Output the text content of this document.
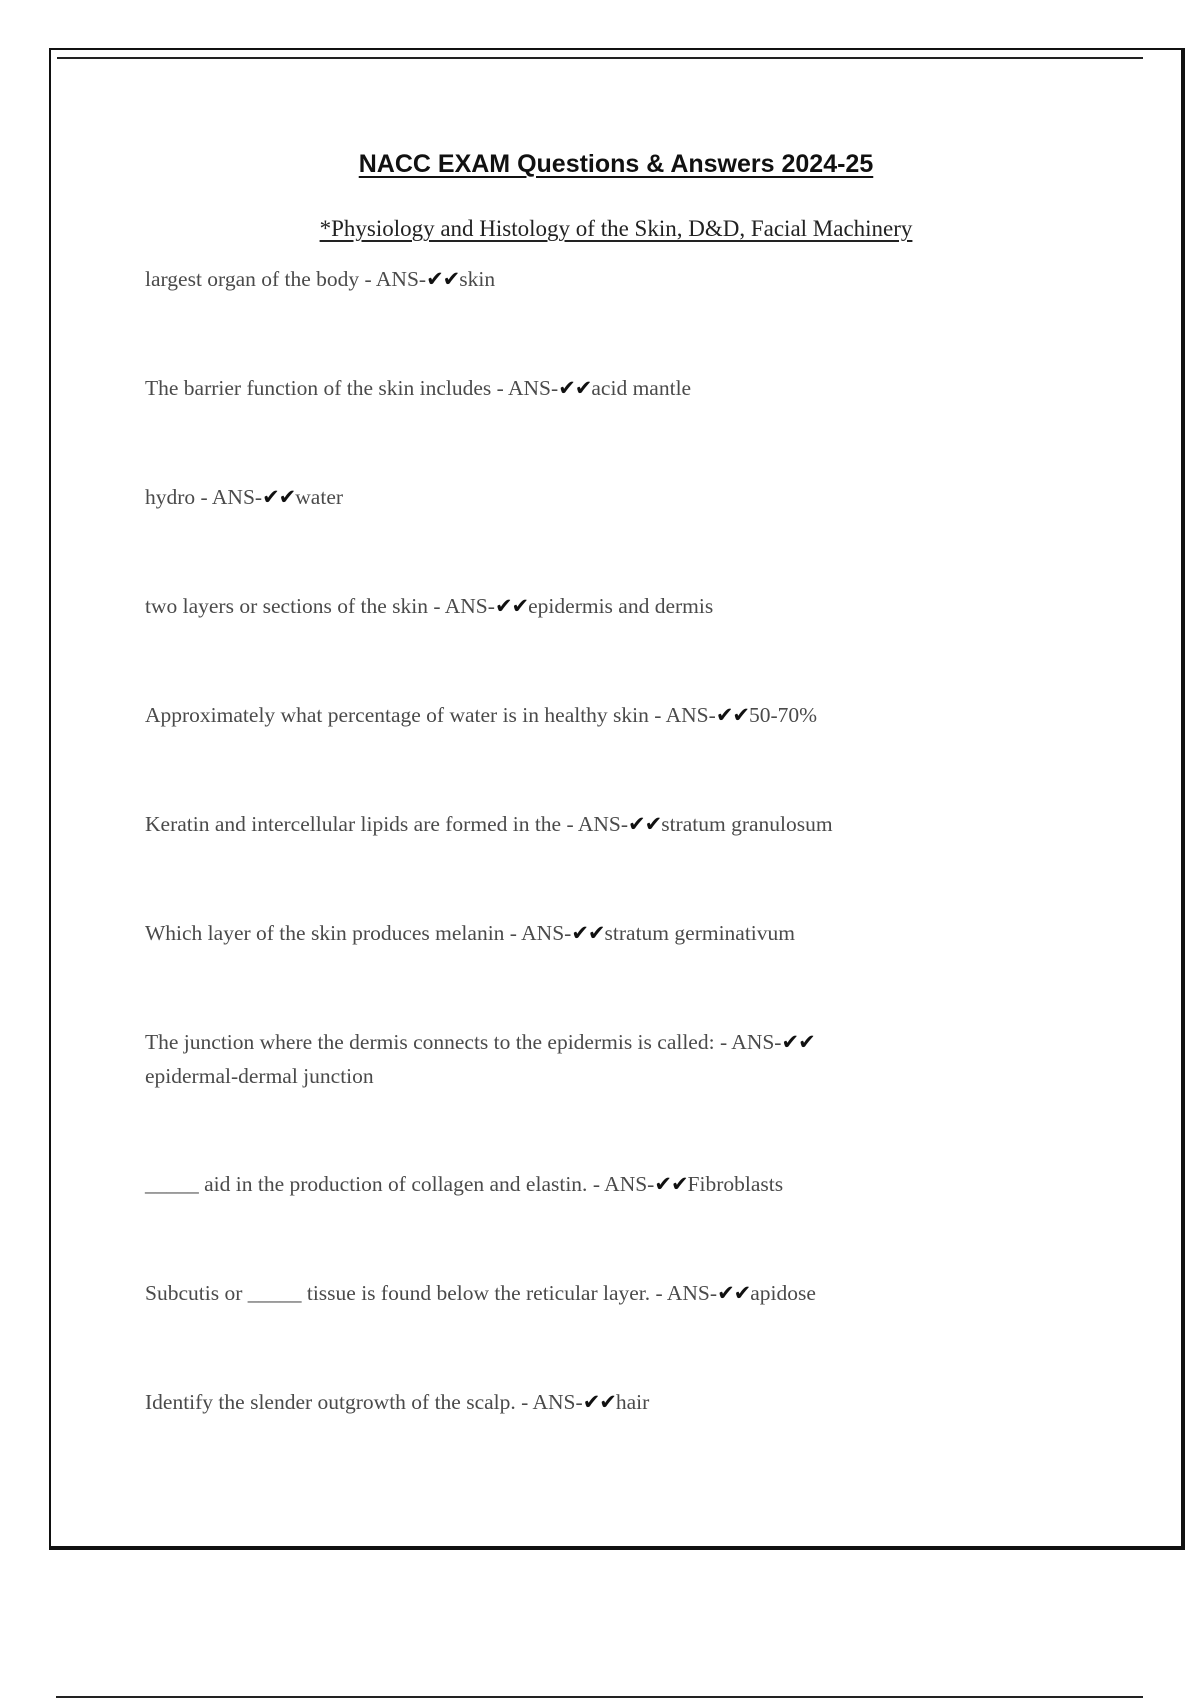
NACC EXAM Questions & Answers 2024-25
*Physiology and Histology of the Skin, D&D, Facial Machinery
largest organ of the body - ANS-✔✔skin
The barrier function of the skin includes - ANS-✔✔acid mantle
hydro - ANS-✔✔water
two layers or sections of the skin - ANS-✔✔epidermis and dermis
Approximately what percentage of water is in healthy skin - ANS-✔✔50-70%
Keratin and intercellular lipids are formed in the - ANS-✔✔stratum granulosum
Which layer of the skin produces melanin - ANS-✔✔stratum germinativum
The junction where the dermis connects to the epidermis is called: - ANS-✔✔
epidermal-dermal junction
_____ aid in the production of collagen and elastin. - ANS-✔✔Fibroblasts
Subcutis or _____ tissue is found below the reticular layer. - ANS-✔✔apidose
Identify the slender outgrowth of the scalp. - ANS-✔✔hair
